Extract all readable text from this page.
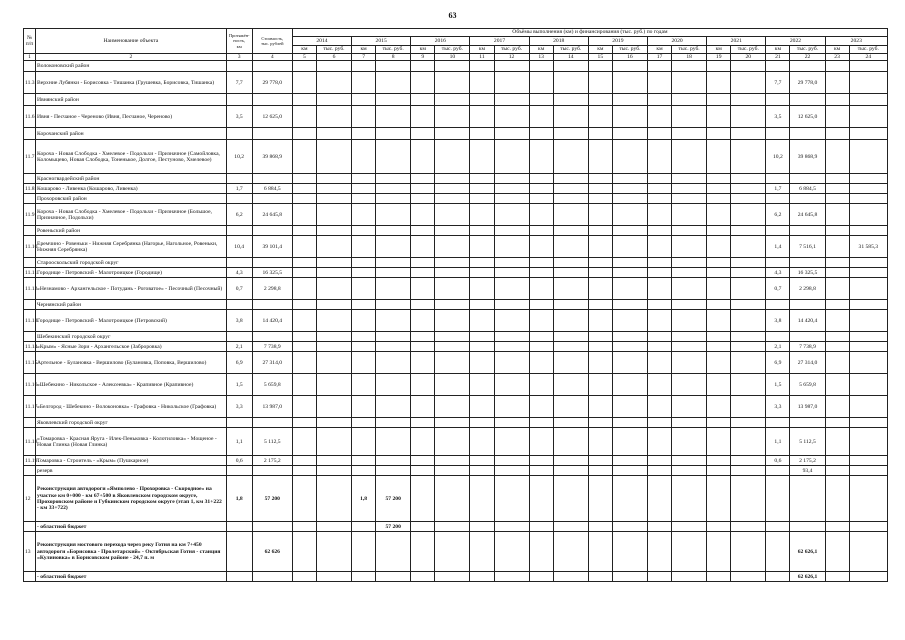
63
№
п/п	Наименование объекта	Протяжён-
ность,
км	Стоимость,
тыс. рублей	Объёмы выполнения (км) и финансирования (тыс. руб.) по годам																			
				2014		2015		2016		2017		2018		2019		2020		2021		2022		2023	
				км	тыс. руб.	км	тыс. руб.	км	тыс. руб.	км	тыс. руб.	км	тыс. руб.	км	тыс. руб.	км	тыс. руб.	км	тыс. руб.	км	тыс. руб.	км	тыс. руб.
1	2	3	4	5	6	7	8	9	10	11	12	13	14	15	16	17	18	19	20	21	22	23	24
	Волоконовский район																						
11.3.	Верхние Лубянки - Борисовка - Тишанка (Грушевка, Борисовка, Тишанка)	7,7	29 778,0																	7,7	29 778,0		
	Ивнянский район																						
11.6.	Ивня - Песчаное - Череново (Ивня, Песчаное, Череново)	3,5	12 625,0																	3,5	12 625,0		
	Корочанский район																						
11.7.	Короча - Новая Слободка - Хмелевое - Подольхи - Призначное (Самойловка, Коломыцево, Новая Слободка, Тоненькое, Долгое, Пестуново, Хмелевое)	10,2	39 868,9																	10,2	39 868,9		
	Красногвардейский район																						
11.8.	Кошарово - Ливенка (Кошарово, Ливенка)	1,7	6 884,5																	1,7	6 884,5		
	Прохоровский район																						
11.9.	Короча - Новая Слободка - Хмелевое - Подольхи - Призначное (Большое, Призначное, Подольхи)	6,2	24 645,8																	6,2	24 645,8		
	Ровеньский район																						
11.10.	Еремчино - Ровеньки - Нижняя Серебрянка (Нагорье, Нагольное, Ровеньки, Нижняя Серебрянка)	10,4	39 101,4																	1,4	7 516,1		31 585,3
	Старооскольский городской округ																						
11.11.	Городище - Петровский - Малотроицкое (Городище)	4,3	16 325,5																	4,3	16 325,5		
11.12.	«Незнамово - Архангельское - Потудань - Роговатое» - Песочный (Песочный)	0,7	2 298,8																	0,7	2 298,8		
	Чернянский район																						
11.13.	Городище - Петровский - Малотроицкое (Петровский)	3,8	14 420,4																	3,8	14 420,4		
	Шебекинский городской округ																						
11.14.	«Крым» - Ясные Зори - Архангельское (Заброровка)	2,1	7 738,9																	2,1	7 738,9		
11.15.	Артельное - Булановка - Вершилово (Булановка, Поповка, Вершилово)	6,9	27 314,0																	6,9	27 314,0		
11.16.	«Шебекино - Никольское - Алексеевка» - Крапивное (Крапивное)	1,5	5 659,8																	1,5	5 659,8		
11.17.	«Белгород - Шебекино - Волоконовка» - Графовка - Никольское (Графовка)	3,3	13 987,0																	3,3	13 987,0		
	Яковлевский городской округ																						
11.18.	«Томаровка - Красная Яруга - Илек-Пеньковка - Колотиловка» - Мощеное - Новая Глинка (Новая Глинка)	1,1	5 112,5																	1,1	5 112,5		
11.19.	Томаровка - Строитель - «Крым» (Пушкарное)	0,6	2 175,2																	0,6	2 175,2		
	резерв																				93,4		
12	Реконструкция автодороги «Ямполево - Прохоровка - Скородное» на участке км 0+000 - км 67+500 в Яковлевском городском округе, Прохоровском районе и Губкинском городском округе (этап 1, км 31+222 - км 33+722)	1,8	57 200			1,8	57 200																
	- областной бюджет						57 200																
13	Реконструкция мостового перехода через реку Готня на км 7+450 автодороги «Борисовка - Пролетарский» - Октябрьская Готня - станция «Кулиновка» в Борисовском районе - 24,7 п. м		62 626																		62 626,1		
	- областной бюджет																				62 626,1		
